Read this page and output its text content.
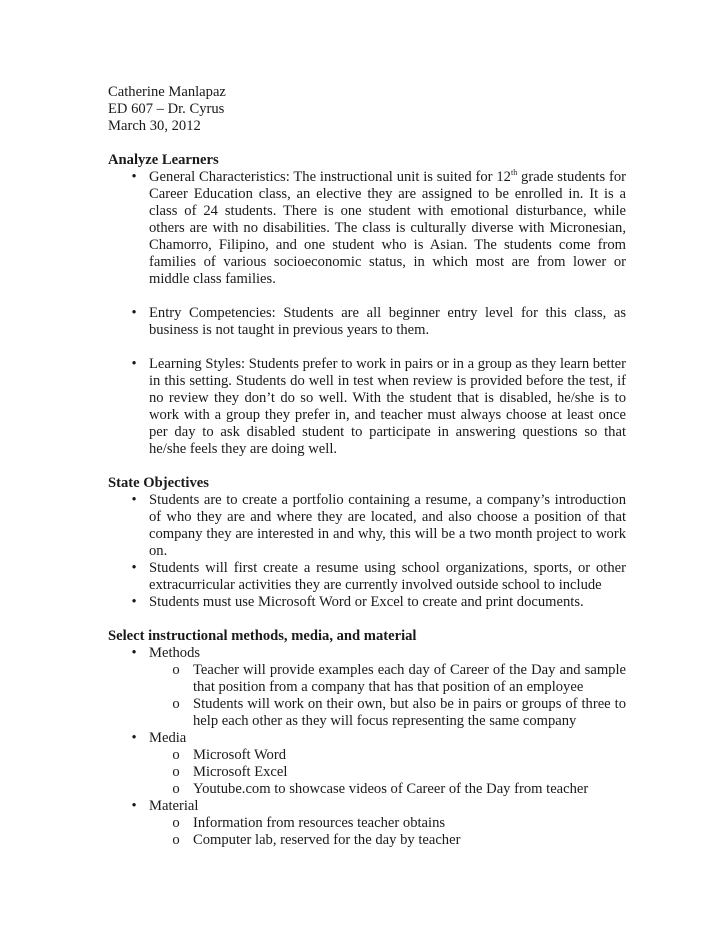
Catherine Manlapaz

ED 607 – Dr. Cyrus

March 30, 2012

Analyze Learners

• General Characteristics: The instructional unit is suited for 12th grade students for Career Education class, an elective they are assigned to be enrolled in. It is a class of 24 students. There is one student with emotional disturbance, while others are with no disabilities. The class is culturally diverse with Micronesian, Chamorro, Filipino, and one student who is Asian. The students come from families of various socioeconomic status, in which most are from lower or middle class families.
• Entry Competencies: Students are all beginner entry level for this class, as business is not taught in previous years to them.
• Learning Styles: Students prefer to work in pairs or in a group as they learn better in this setting. Students do well in test when review is provided before the test, if no review they don’t do so well. With the student that is disabled, he/she is to work with a group they prefer in, and teacher must always choose at least once per day to ask disabled student to participate in answering questions so that he/she feels they are doing well.

State Objectives

• Students are to create a portfolio containing a resume, a company’s introduction of who they are and where they are located, and also choose a position of that company they are interested in and why, this will be a two month project to work on.
• Students will first create a resume using school organizations, sports, or other extracurricular activities they are currently involved outside school to include
• Students must use Microsoft Word or Excel to create and print documents.

Select instructional methods, media, and material

• Methods
o Teacher will provide examples each day of Career of the Day and sample that position from a company that has that position of an employee
o Students will work on their own, but also be in pairs or groups of three to help each other as they will focus representing the same company
• Media
o Microsoft Word
o Microsoft Excel
o Youtube.com to showcase videos of Career of the Day from teacher
• Material
o Information from resources teacher obtains
o Computer lab, reserved for the day by teacher
